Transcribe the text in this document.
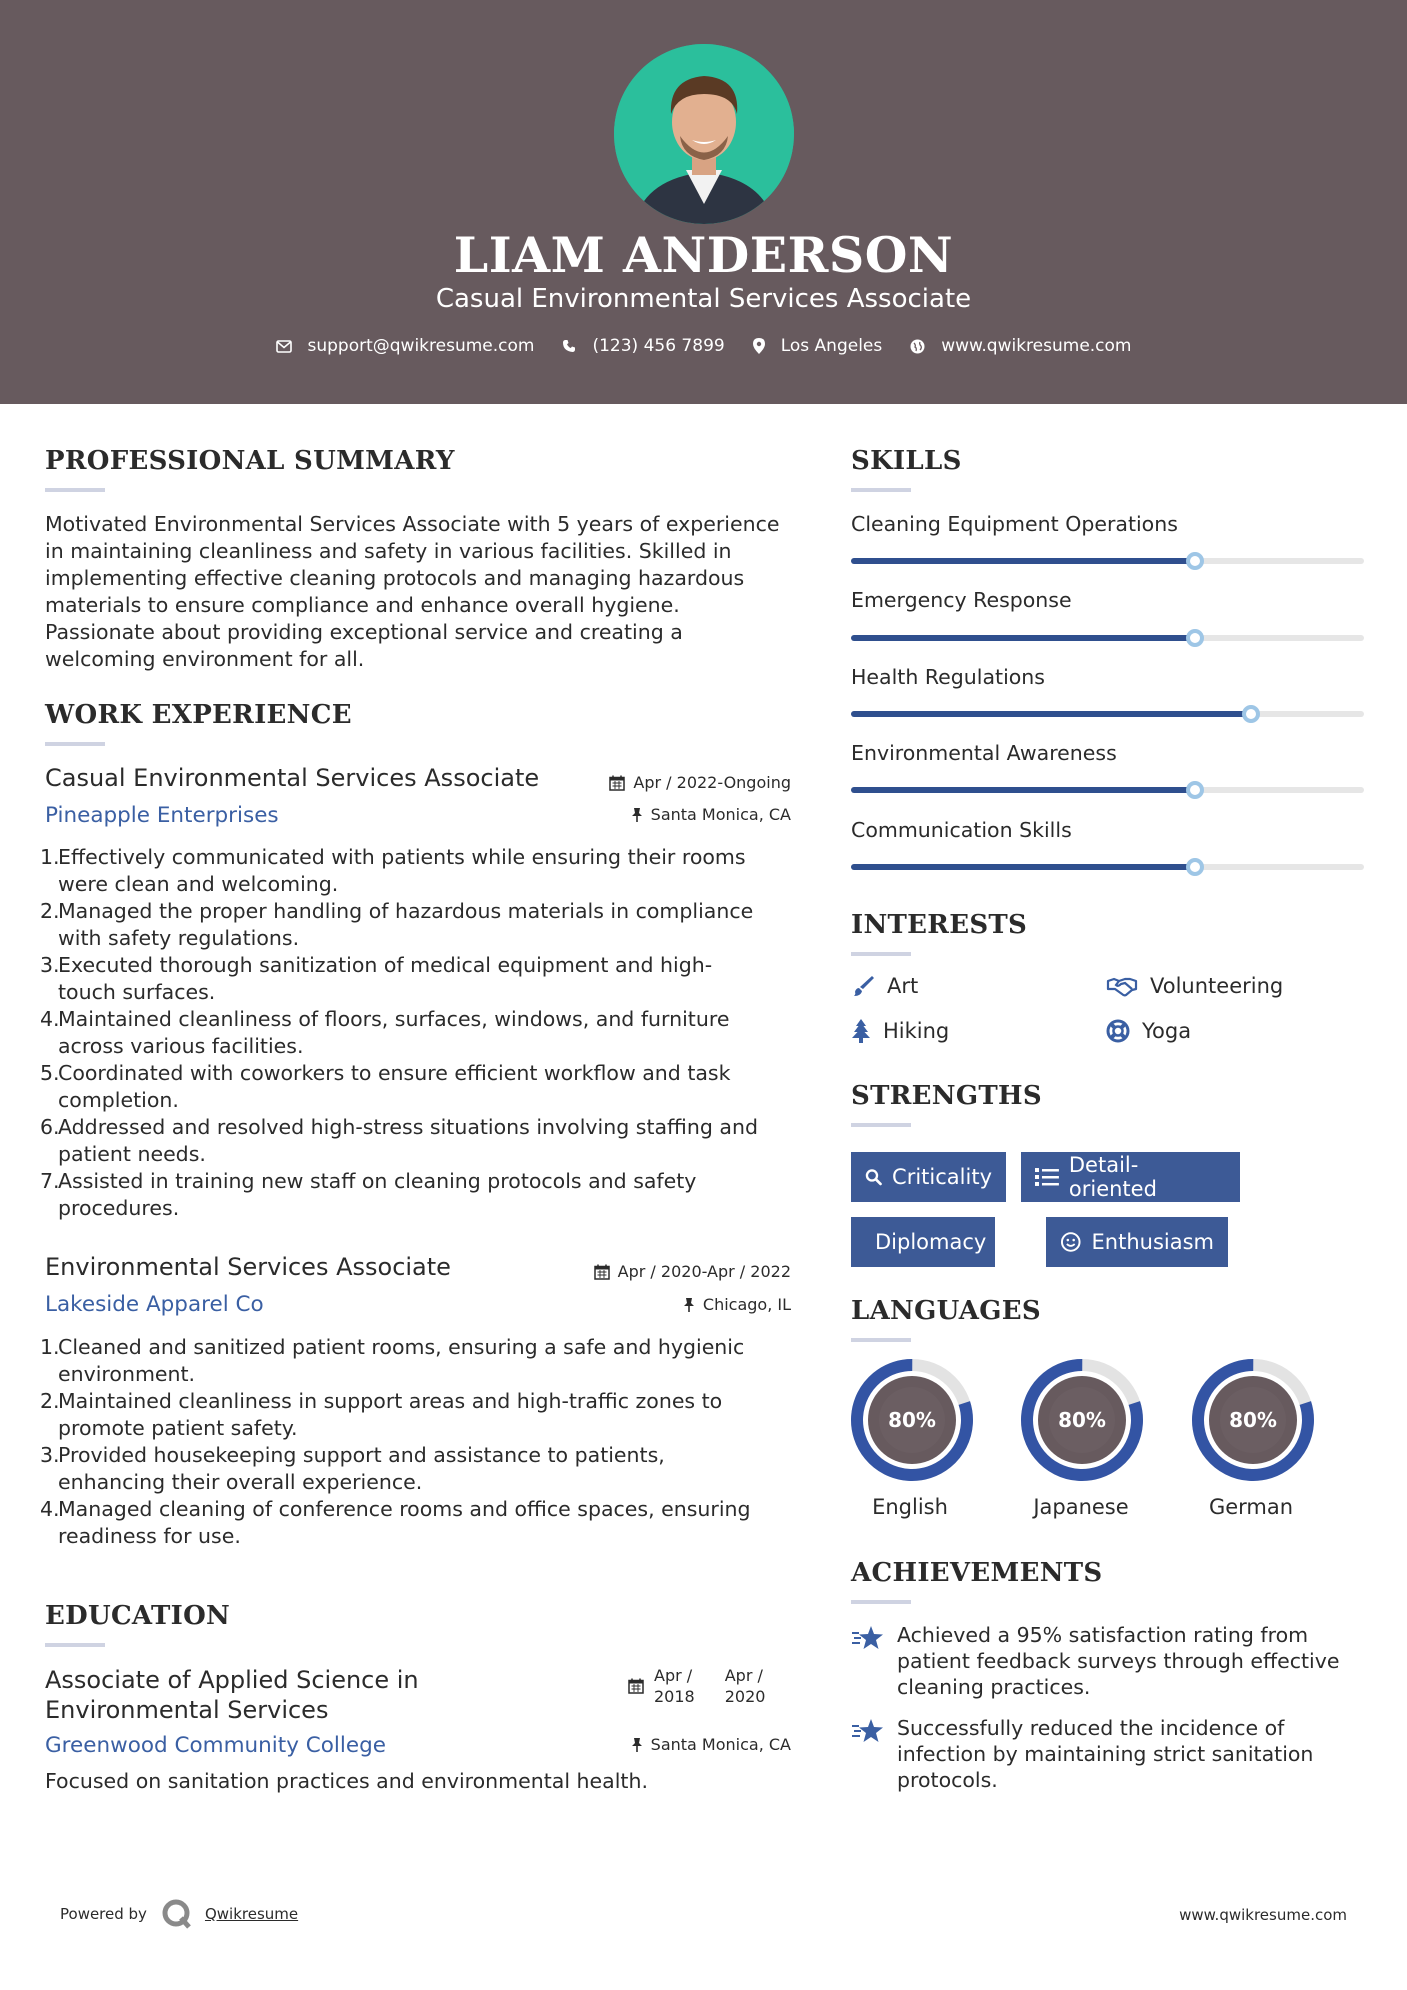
LIAM ANDERSON
Casual Environmental Services Associate
support@qwikresume.com	(123) 456 7899	Los Angeles	www.qwikresume.com
PROFESSIONAL SUMMARY
Motivated Environmental Services Associate with 5 years of experience
in maintaining cleanliness and safety in various facilities. Skilled in
implementing effective cleaning protocols and managing hazardous
materials to ensure compliance and enhance overall hygiene.
Passionate about providing exceptional service and creating a
welcoming environment for all.
WORK EXPERIENCE
Casual Environmental Services Associate
Pineapple Enterprises
Apr / 2022-Ongoing
Santa Monica, CA
1.
Effectively communicated with patients while ensuring their rooms
were clean and welcoming.
2.
Managed the proper handling of hazardous materials in compliance
with safety regulations.
3.
Executed thorough sanitization of medical equipment and high-
touch surfaces.
4.
Maintained cleanliness of floors, surfaces, windows, and furniture
across various facilities.
5.
Coordinated with coworkers to ensure efficient workflow and task
completion.
6.
Addressed and resolved high-stress situations involving staffing and
patient needs.
7.
Assisted in training new staff on cleaning protocols and safety
procedures.
Environmental Services Associate
Lakeside Apparel Co
Apr / 2020-Apr / 2022
Chicago, IL
1.
Cleaned and sanitized patient rooms, ensuring a safe and hygienic
environment.
2.
Maintained cleanliness in support areas and high-traffic zones to
promote patient safety.
3.
Provided housekeeping support and assistance to patients,
enhancing their overall experience.
4.
Managed cleaning of conference rooms and office spaces, ensuring
readiness for use.
EDUCATION
Associate of Applied Science in
Environmental Services
Greenwood Community College
Apr /
2018
Apr /
2020
Santa Monica, CA
Focused on sanitation practices and environmental health.
SKILLS
Cleaning Equipment Operations
Emergency Response
Health Regulations
Environmental Awareness
Communication Skills
INTERESTS
Art	Volunteering
Hiking	Yoga
STRENGTHS
Criticality	Detail-oriented
Diplomacy	Enthusiasm
LANGUAGES
80%	80%	80%
English	Japanese	German
ACHIEVEMENTS
Achieved a 95% satisfaction rating from
patient feedback surveys through effective
cleaning practices.
Successfully reduced the incidence of
infection by maintaining strict sanitation
protocols.
Powered by	Qwikresume	www.qwikresume.com
